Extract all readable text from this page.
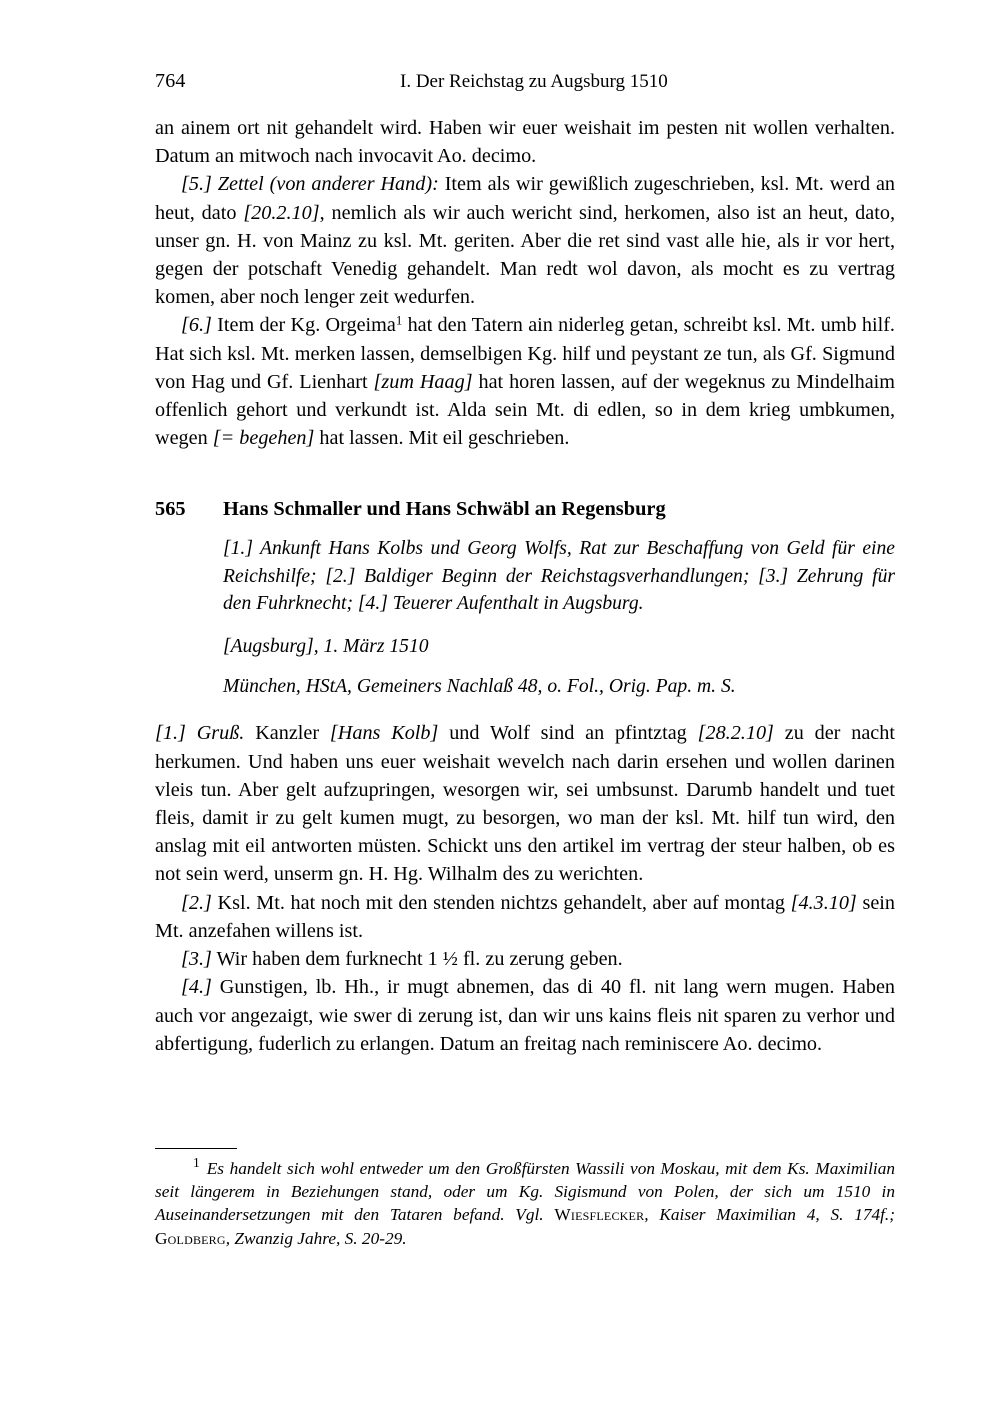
764	I. Der Reichstag zu Augsburg 1510

an ainem ort nit gehandelt wird. Haben wir euer weishait im pesten nit wollen verhalten. Datum an mitwoch nach invocavit Ao. decimo.

[5.] Zettel (von anderer Hand): Item als wir gewißlich zugeschrieben, ksl. Mt. werd an heut, dato [20.2.10], nemlich als wir auch wericht sind, herkomen, also ist an heut, dato, unser gn. H. von Mainz zu ksl. Mt. geriten. Aber die ret sind vast alle hie, als ir vor hert, gegen der potschaft Venedig gehandelt. Man redt wol davon, als mocht es zu vertrag komen, aber noch lenger zeit wedurfen.

[6.] Item der Kg. Orgeima$^1$ hat den Tatern ain niderleg getan, schreibt ksl. Mt. umb hilf. Hat sich ksl. Mt. merken lassen, demselbigen Kg. hilf und peystant ze tun, als Gf. Sigmund von Hag und Gf. Lienhart [zum Haag] hat horen lassen, auf der wegeknus zu Mindelhaim offenlich gehort und verkundt ist. Alda sein Mt. di edlen, so in dem krieg umbkumen, wegen [= begehen] hat lassen. Mit eil geschrieben.

565 Hans Schmaller und Hans Schwäbl an Regensburg
[1.] Ankunft Hans Kolbs und Georg Wolfs, Rat zur Beschaffung von Geld für eine Reichshilfe; [2.] Baldiger Beginn der Reichstagsverhandlungen; [3.] Zehrung für den Fuhrknecht; [4.] Teuerer Aufenthalt in Augsburg.
[Augsburg], 1. März 1510
München, HStA, Gemeiners Nachlaß 48, o. Fol., Orig. Pap. m. S.

[1.] Gruß. Kanzler [Hans Kolb] und Wolf sind an pfintztag [28.2.10] zu der nacht herkumen. Und haben uns euer weishait wevelch nach darin ersehen und wollen darinen vleis tun. Aber gelt aufzupringen, wesorgen wir, sei umbsunst. Darumb handelt und tuet fleis, damit ir zu gelt kumen mugt, zu besorgen, wo man der ksl. Mt. hilf tun wird, den anslag mit eil antworten müsten. Schickt uns den artikel im vertrag der steur halben, ob es not sein werd, unserm gn. H. Hg. Wilhalm des zu werichten.

[2.] Ksl. Mt. hat noch mit den stenden nichtzs gehandelt, aber auf montag [4.3.10] sein Mt. anzefahen willens ist.

[3.] Wir haben dem furknecht 1 ½ fl. zu zerung geben.

[4.] Gunstigen, lb. Hh., ir mugt abnemen, das di 40 fl. nit lang wern mugen. Haben auch vor angezaigt, wie swer di zerung ist, dan wir uns kains fleis nit sparen zu verhor und abfertigung, fuderlich zu erlangen. Datum an freitag nach reminiscere Ao. decimo.

$^1$ Es handelt sich wohl entweder um den Großfürsten Wassili von Moskau, mit dem Ks. Maximilian seit längerem in Beziehungen stand, oder um Kg. Sigismund von Polen, der sich um 1510 in Auseinandersetzungen mit den Tataren befand. Vgl. Wiesflecker, Kaiser Maximilian 4, S. 174f.; Goldberg, Zwanzig Jahre, S. 20-29.
